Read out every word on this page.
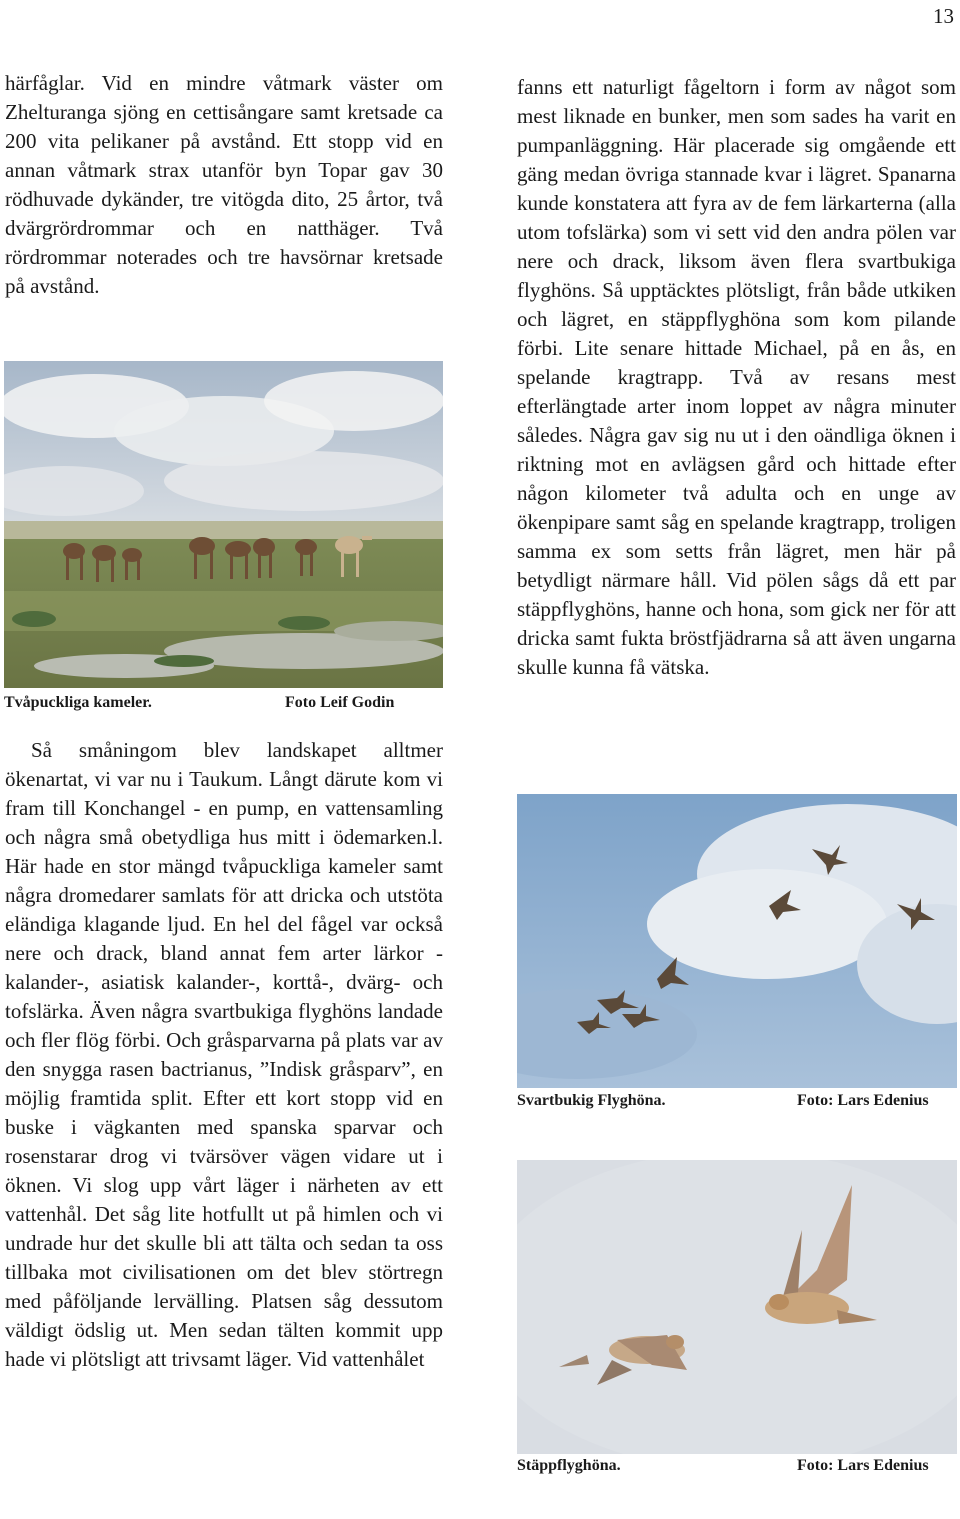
13

härfåglar. Vid en mindre våtmark väster om Zhelturanga sjöng en cettisångare samt kretsade ca 200 vita pelikaner på avstånd. Ett stopp vid en annan våtmark strax utanför byn Topar gav 30 rödhuvade dykänder, tre vitögda dito, 25 årtor, två dvärgrördrommar och en natthäger. Två rördrommar noterades och tre havsörnar kretsade på avstånd.

Tvåpuckliga kameler.	Foto Leif Godin

Så småningom blev landskapet alltmer ökenartat, vi var nu i Taukum. Långt därute kom vi fram till Konchangel - en pump, en vattensamling och några små obetydliga hus mitt i ödemarken.l. Här hade en stor mängd tvåpuckliga kameler samt några dromedarer samlats för att dricka och utstöta eländiga klagande ljud. En hel del fågel var också nere och drack, bland annat fem arter lärkor - kalander-, asiatisk kalander-, korttå-, dvärg- och tofslärka. Även några svartbukiga flyghöns landade och fler flög förbi. Och gråsparvarna på plats var av den snygga rasen bactrianus, ”Indisk gråsparv”, en möjlig framtida split. Efter ett kort stopp vid en buske i vägkanten med spanska sparvar och rosenstarar drog vi tvärsöver vägen vidare ut i öknen. Vi slog upp vårt läger i närheten av ett vattenhål. Det såg lite hotfullt ut på himlen och vi undrade hur det skulle bli att tälta och sedan ta oss tillbaka mot civilisationen om det blev störtregn med påföljande lervälling. Platsen såg dessutom väldigt ödslig ut. Men sedan tälten kommit upp hade vi plötsligt att trivsamt läger. Vid vattenhålet

fanns ett naturligt fågeltorn i form av något som mest liknade en bunker, men som sades ha varit en pumpanläggning. Här placerade sig omgående ett gäng medan övriga stannade kvar i lägret. Spanarna kunde konstatera att fyra av de fem lärkarterna (alla utom tofslärka) som vi sett vid den andra pölen var nere och drack, liksom även flera svartbukiga flyghöns. Så upptäcktes plötsligt, från både utkiken och lägret, en stäppflyghöna som kom pilande förbi. Lite senare hittade Michael, på en ås, en spelande kragtrapp. Två av resans mest efterlängtade arter inom loppet av några minuter således. Några gav sig nu ut i den oändliga öknen i riktning mot en avlägsen gård och hittade efter någon kilometer två adulta och en unge av ökenpipare samt såg en spelande kragtrapp, troligen samma ex som setts från lägret, men här på betydligt närmare håll. Vid pölen sågs då ett par stäppflyghöns, hanne och hona, som gick ner för att dricka samt fukta bröstfjädrarna så att även ungarna skulle kunna få vätska.

Svartbukig Flyghöna.	Foto: Lars Edenius
Stäppflyghöna.	Foto: Lars Edenius
